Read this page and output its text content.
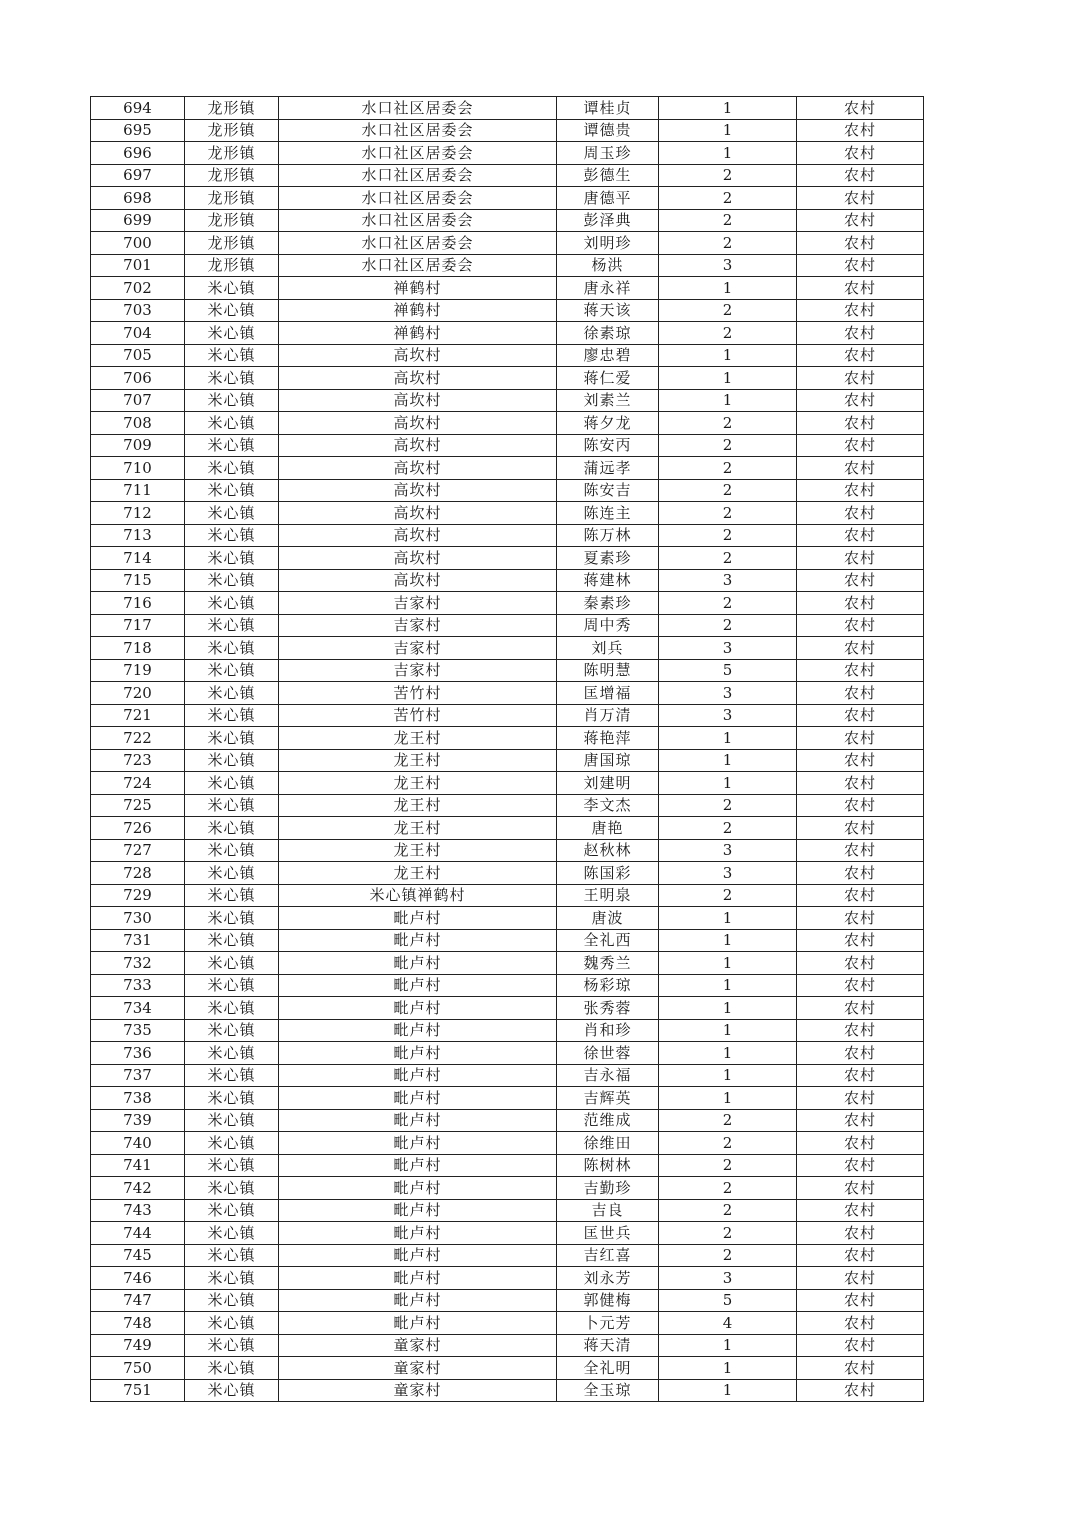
694	龙形镇	水口社区居委会	谭桂贞	1	农村
695	龙形镇	水口社区居委会	谭德贵	1	农村
696	龙形镇	水口社区居委会	周玉珍	1	农村
697	龙形镇	水口社区居委会	彭德生	2	农村
698	龙形镇	水口社区居委会	唐德平	2	农村
699	龙形镇	水口社区居委会	彭泽典	2	农村
700	龙形镇	水口社区居委会	刘明珍	2	农村
701	龙形镇	水口社区居委会	杨洪	3	农村
702	米心镇	禅鹤村	唐永祥	1	农村
703	米心镇	禅鹤村	蒋天该	2	农村
704	米心镇	禅鹤村	徐素琼	2	农村
705	米心镇	高坎村	廖忠碧	1	农村
706	米心镇	高坎村	蒋仁爱	1	农村
707	米心镇	高坎村	刘素兰	1	农村
708	米心镇	高坎村	蒋夕龙	2	农村
709	米心镇	高坎村	陈安丙	2	农村
710	米心镇	高坎村	蒲远孝	2	农村
711	米心镇	高坎村	陈安吉	2	农村
712	米心镇	高坎村	陈连主	2	农村
713	米心镇	高坎村	陈万林	2	农村
714	米心镇	高坎村	夏素珍	2	农村
715	米心镇	高坎村	蒋建林	3	农村
716	米心镇	吉家村	秦素珍	2	农村
717	米心镇	吉家村	周中秀	2	农村
718	米心镇	吉家村	刘兵	3	农村
719	米心镇	吉家村	陈明慧	5	农村
720	米心镇	苦竹村	匡增福	3	农村
721	米心镇	苦竹村	肖万清	3	农村
722	米心镇	龙王村	蒋艳萍	1	农村
723	米心镇	龙王村	唐国琼	1	农村
724	米心镇	龙王村	刘建明	1	农村
725	米心镇	龙王村	李文杰	2	农村
726	米心镇	龙王村	唐艳	2	农村
727	米心镇	龙王村	赵秋林	3	农村
728	米心镇	龙王村	陈国彩	3	农村
729	米心镇	米心镇禅鹤村	王明泉	2	农村
730	米心镇	毗卢村	唐波	1	农村
731	米心镇	毗卢村	全礼西	1	农村
732	米心镇	毗卢村	魏秀兰	1	农村
733	米心镇	毗卢村	杨彩琼	1	农村
734	米心镇	毗卢村	张秀蓉	1	农村
735	米心镇	毗卢村	肖和珍	1	农村
736	米心镇	毗卢村	徐世蓉	1	农村
737	米心镇	毗卢村	吉永福	1	农村
738	米心镇	毗卢村	吉辉英	1	农村
739	米心镇	毗卢村	范维成	2	农村
740	米心镇	毗卢村	徐维田	2	农村
741	米心镇	毗卢村	陈树林	2	农村
742	米心镇	毗卢村	吉勤珍	2	农村
743	米心镇	毗卢村	吉良	2	农村
744	米心镇	毗卢村	匡世兵	2	农村
745	米心镇	毗卢村	吉红喜	2	农村
746	米心镇	毗卢村	刘永芳	3	农村
747	米心镇	毗卢村	郭健梅	5	农村
748	米心镇	毗卢村	卜元芳	4	农村
749	米心镇	童家村	蒋天清	1	农村
750	米心镇	童家村	全礼明	1	农村
751	米心镇	童家村	全玉琼	1	农村
